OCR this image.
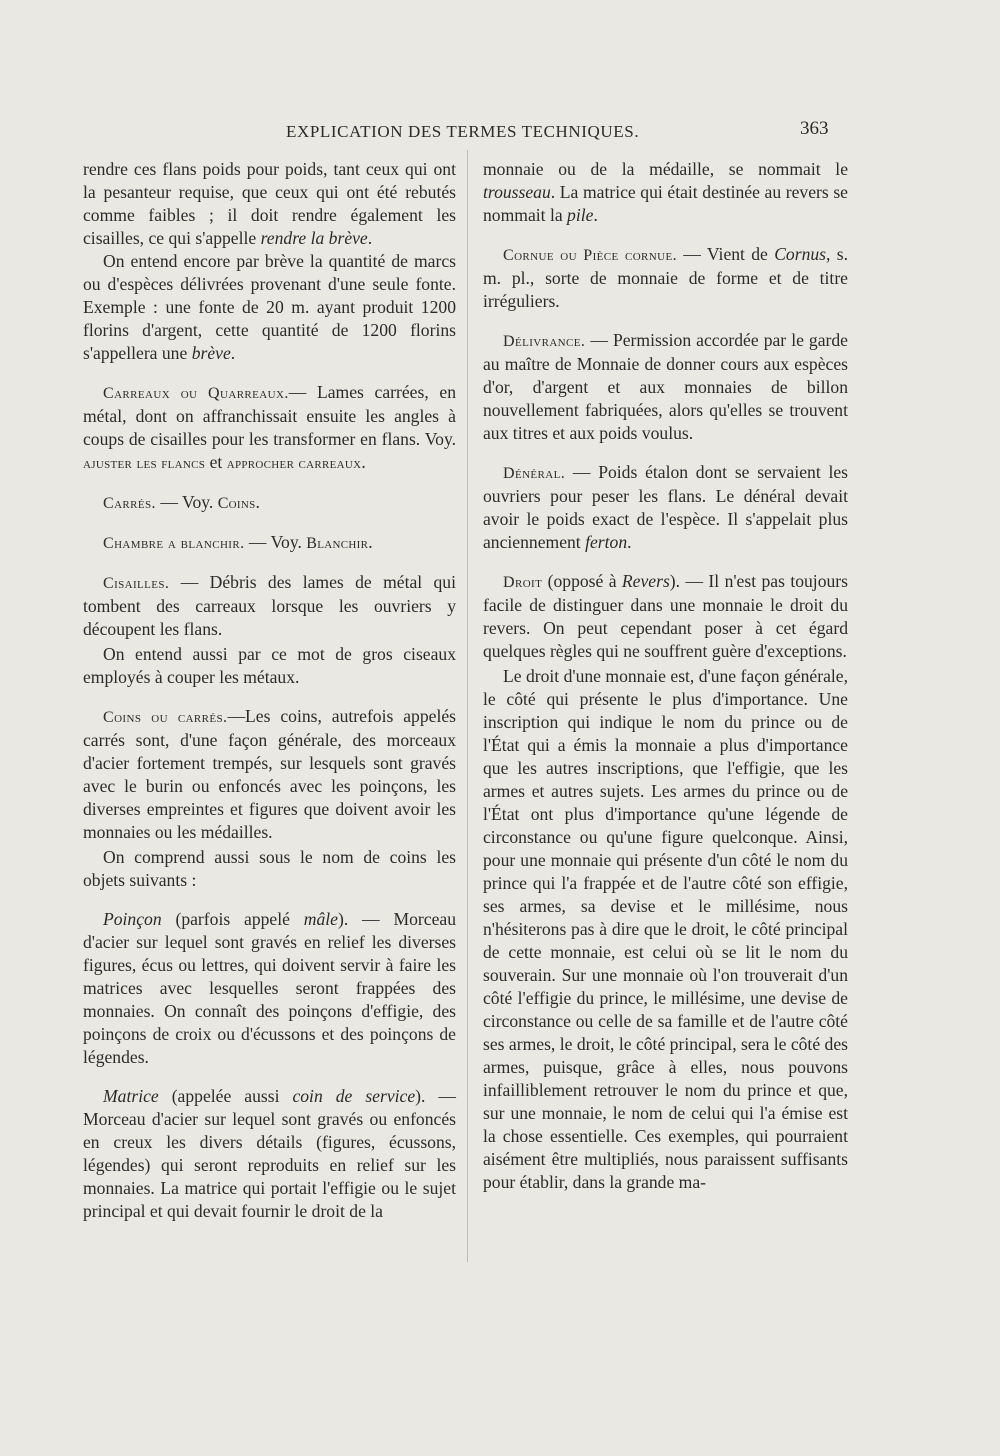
EXPLICATION DES TERMES TECHNIQUES.	363

rendre ces flans poids pour poids, tant ceux qui ont la pesanteur requise, que ceux qui ont été rebutés comme faibles ; il doit rendre également les cisailles, ce qui s'appelle rendre la brève.

On entend encore par brève la quantité de marcs ou d'espèces délivrées provenant d'une seule fonte. Exemple : une fonte de 20 m. ayant produit 1200 florins d'argent, cette quantité de 1200 florins s'appellera une brève.

Carreaux ou Quarreaux.— Lames carrées, en métal, dont on affranchissait ensuite les angles à coups de cisailles pour les transformer en flans. Voy. ajuster les flancs et approcher carreaux.

Carrés. — Voy. Coins.

Chambre a blanchir. — Voy. Blanchir.

Cisailles. — Débris des lames de métal qui tombent des carreaux lorsque les ouvriers y découpent les flans.

On entend aussi par ce mot de gros ciseaux employés à couper les métaux.

Coins ou carrés.—Les coins, autrefois appelés carrés sont, d'une façon générale, des morceaux d'acier fortement trempés, sur lesquels sont gravés avec le burin ou enfoncés avec les poinçons, les diverses empreintes et figures que doivent avoir les monnaies ou les médailles.

On comprend aussi sous le nom de coins les objets suivants :

Poinçon (parfois appelé mâle). — Morceau d'acier sur lequel sont gravés en relief les diverses figures, écus ou lettres, qui doivent servir à faire les matrices avec lesquelles seront frappées des monnaies. On connaît des poinçons d'effigie, des poinçons de croix ou d'écussons et des poinçons de légendes.

Matrice (appelée aussi coin de service). — Morceau d'acier sur lequel sont gravés ou enfoncés en creux les divers détails (figures, écussons, légendes) qui seront reproduits en relief sur les monnaies. La matrice qui portait l'effigie ou le sujet principal et qui devait fournir le droit de la

monnaie ou de la médaille, se nommait le trousseau. La matrice qui était destinée au revers se nommait la pile.

Cornue ou Pièce cornue. — Vient de Cornus, s. m. pl., sorte de monnaie de forme et de titre irréguliers.

Délivrance. — Permission accordée par le garde au maître de Monnaie de donner cours aux espèces d'or, d'argent et aux monnaies de billon nouvellement fabriquées, alors qu'elles se trouvent aux titres et aux poids voulus.

Dénéral. — Poids étalon dont se servaient les ouvriers pour peser les flans. Le dénéral devait avoir le poids exact de l'espèce. Il s'appelait plus anciennement ferton.

Droit (opposé à Revers). — Il n'est pas toujours facile de distinguer dans une monnaie le droit du revers. On peut cependant poser à cet égard quelques règles qui ne souffrent guère d'exceptions.

Le droit d'une monnaie est, d'une façon générale, le côté qui présente le plus d'importance. Une inscription qui indique le nom du prince ou de l'État qui a émis la monnaie a plus d'importance que les autres inscriptions, que l'effigie, que les armes et autres sujets. Les armes du prince ou de l'État ont plus d'importance qu'une légende de circonstance ou qu'une figure quelconque. Ainsi, pour une monnaie qui présente d'un côté le nom du prince qui l'a frappée et de l'autre côté son effigie, ses armes, sa devise et le millésime, nous n'hésiterons pas à dire que le droit, le côté principal de cette monnaie, est celui où se lit le nom du souverain. Sur une monnaie où l'on trouverait d'un côté l'effigie du prince, le millésime, une devise de circonstance ou celle de sa famille et de l'autre côté ses armes, le droit, le côté principal, sera le côté des armes, puisque, grâce à elles, nous pouvons infailliblement retrouver le nom du prince et que, sur une monnaie, le nom de celui qui l'a émise est la chose essentielle. Ces exemples, qui pourraient aisément être multipliés, nous paraissent suffisants pour établir, dans la grande ma-
